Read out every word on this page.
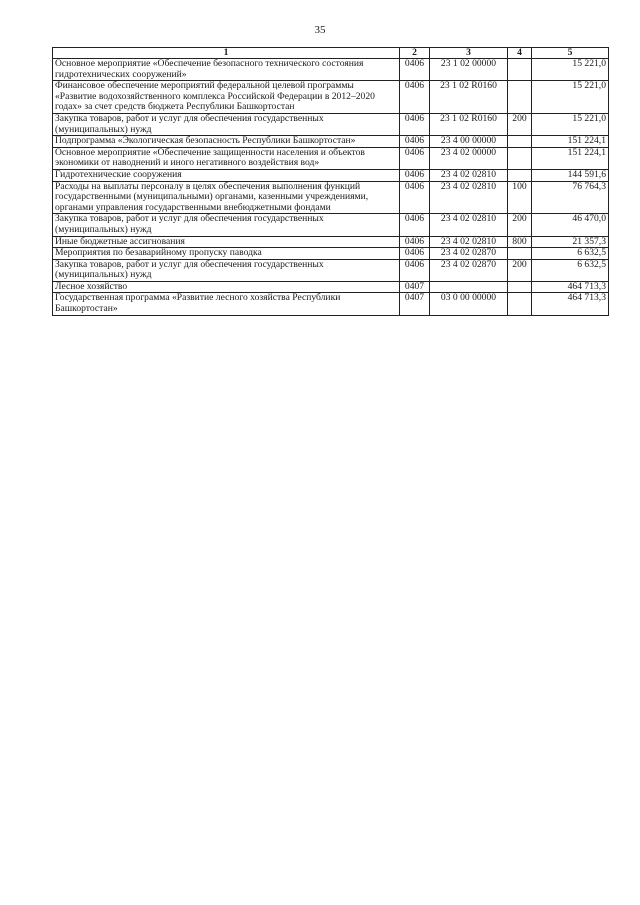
35
1	2	3	4	5
Основное мероприятие «Обеспечение безопасного технического состояния гидротехнических сооружений»	0406	23 1 02 00000		15 221,0
Финансовое обеспечение мероприятий федеральной целевой программы «Развитие водохозяйственного комплекса Российской Федерации в 2012–2020 годах» за счет средств бюджета Республики Башкортостан	0406	23 1 02 R0160		15 221,0
Закупка товаров, работ и услуг для обеспечения государственных (муниципальных) нужд	0406	23 1 02 R0160	200	15 221,0
Подпрограмма «Экологическая безопасность Республики Башкортостан»	0406	23 4 00 00000		151 224,1
Основное мероприятие «Обеспечение защищенности населения и объектов экономики от наводнений и иного негативного воздействия вод»	0406	23 4 02 00000		151 224,1
Гидротехнические сооружения	0406	23 4 02 02810		144 591,6
Расходы на выплаты персоналу в целях обеспечения выполнения функций государственными (муниципальными) органами, казенными учреждениями, органами управления государственными внебюджетными фондами	0406	23 4 02 02810	100	76 764,3
Закупка товаров, работ и услуг для обеспечения государственных (муниципальных) нужд	0406	23 4 02 02810	200	46 470,0
Иные бюджетные ассигнования	0406	23 4 02 02810	800	21 357,3
Мероприятия по безаварийному пропуску паводка	0406	23 4 02 02870		6 632,5
Закупка товаров, работ и услуг для обеспечения государственных (муниципальных) нужд	0406	23 4 02 02870	200	6 632,5
Лесное хозяйство	0407			464 713,3
Государственная программа «Развитие лесного хозяйства Республики Башкортостан»	0407	03 0 00 00000		464 713,3
